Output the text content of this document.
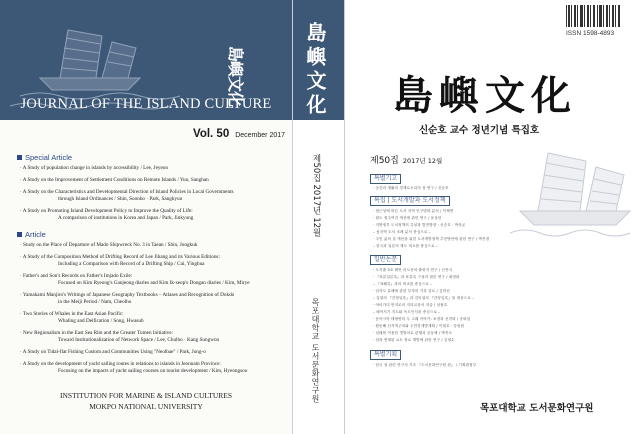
島嶼文化
JOURNAL OF THE ISLAND CULTURE
Vol. 50 December 2017
Special Article
· A Study of population change in islands by accessibility / Lee, Jeyeon
· A Study on the Improvement of Settlement Conditions on Remote Islands / Yun, Sanghan
· A Study on the Characteristics and Developmental Direction of Island Policies in Local Governments
through Island Ordinances / Shin, Soonho · Park, Sangkyun
· A Study on Promoting Island Development Policy to Improve the Quality of Life:
A comparison of institutions in Korea and Japan / Park, Jinkyung
Article
· Study on the Place of Departure of Mado Shipwreck No. 3 in Taean / Shin, Jongkuk
· A Study of the Composition Method of Drifting Record of Lee Jihang and its Various Editions:
Including a Comparison with Record of a Drifting Ship / Cui, Yinghua
· Father's and Son's Records on Father's Imjado Exile:
Focused on Kim Ryeong's Ganjeong diaries and Kim Ik-seop's Dongan diaries / Kim, Mirye
· Yamakami Manjiro's Writings of Japanese Geography Textbooks – Atlases and Recognition of Dokdo
in the Meiji Period / Nam, Cheolho
· Two Stories of Whales in the East Asian Pacific:
Whaling and Deification / Song, Hwasub
· New Regionalism in the East Sea Rim and the Greater Tumen Initiative:
Toward Institutionalization of Network Space / Lee, Chulho · Kang Sungwon
· A Study on Tidal-flat Fishing Custom and Communities Using "Neolbae" / Park, Jong-o
· A Study on the development of yacht sailing routes in relations to islands in Jeonnam Province:
Focusing on the impacts of yacht sailing courses on tourist development / Kim, Hyeongsoo
INSTITUTION FOR MARINE & ISLAND CULTURES
MOKPO NATIONAL UNIVERSITY
島嶼文化
제50집 2017년 12월
목포대학교 도서문화연구원
ISSN 1598-4893
島嶼文化
신순호 교수 정년기념 특집호
제50집 2017년 12월
특별기고
· 공간과 생활의 경계로오리의 섬 연구 / 신순호
특집 | 도서개발과 도서정책
· 접근성에 따른 도서 지역 인구변화 분석 / 이제연
· 원도 정주여건 개선에 관한 연구 / 윤상한
· 지방정부 도서정책의 특성과 발전방향 : 신순호 · 박상균
– 섬지역 도서 조례 분석 중심으로 –
· 주민 삶의 질 개선을 위한 도서개발정책 추진방안에 관한 연구 / 박진경
– 한국과 일본의 제도 비교를 중심으로 –
일반논문
· 도기출 3호 태안 마도선의 출항지 연구 / 신종국
· 『표류일본록』과 표류록 구성과 판본 연구 / 최영화
– 『표해록』과의 비교를 중심으로 –
· 임자도 유배에 관한 부자의 기록 검토 / 김미선
– 김령의 『간정일록』과 김익섭의 『간양일록』을 대상으로 –
· 야마가미 만지로의 지리교과서 저술 / 남철호
– 메이지기 지도와 독도인식을 중심으로 –
· 동아시아 태평양의 두 고래 이야기: 포경과 신격화 / 송화섭
· 환동해 신지역주의와 두만강개발계획 / 이철호 · 강성원
· 널배를 이용한 갯벌어로 관행과 공동체 / 박종오
· 섬과 연계된 요트 항로 개발에 관한 연구 / 김형수
특별기획
· 한국 섬 관련 연구의 기초 『도서문화연구원 편』 / 기획편집부
목포대학교 도서문화연구원
